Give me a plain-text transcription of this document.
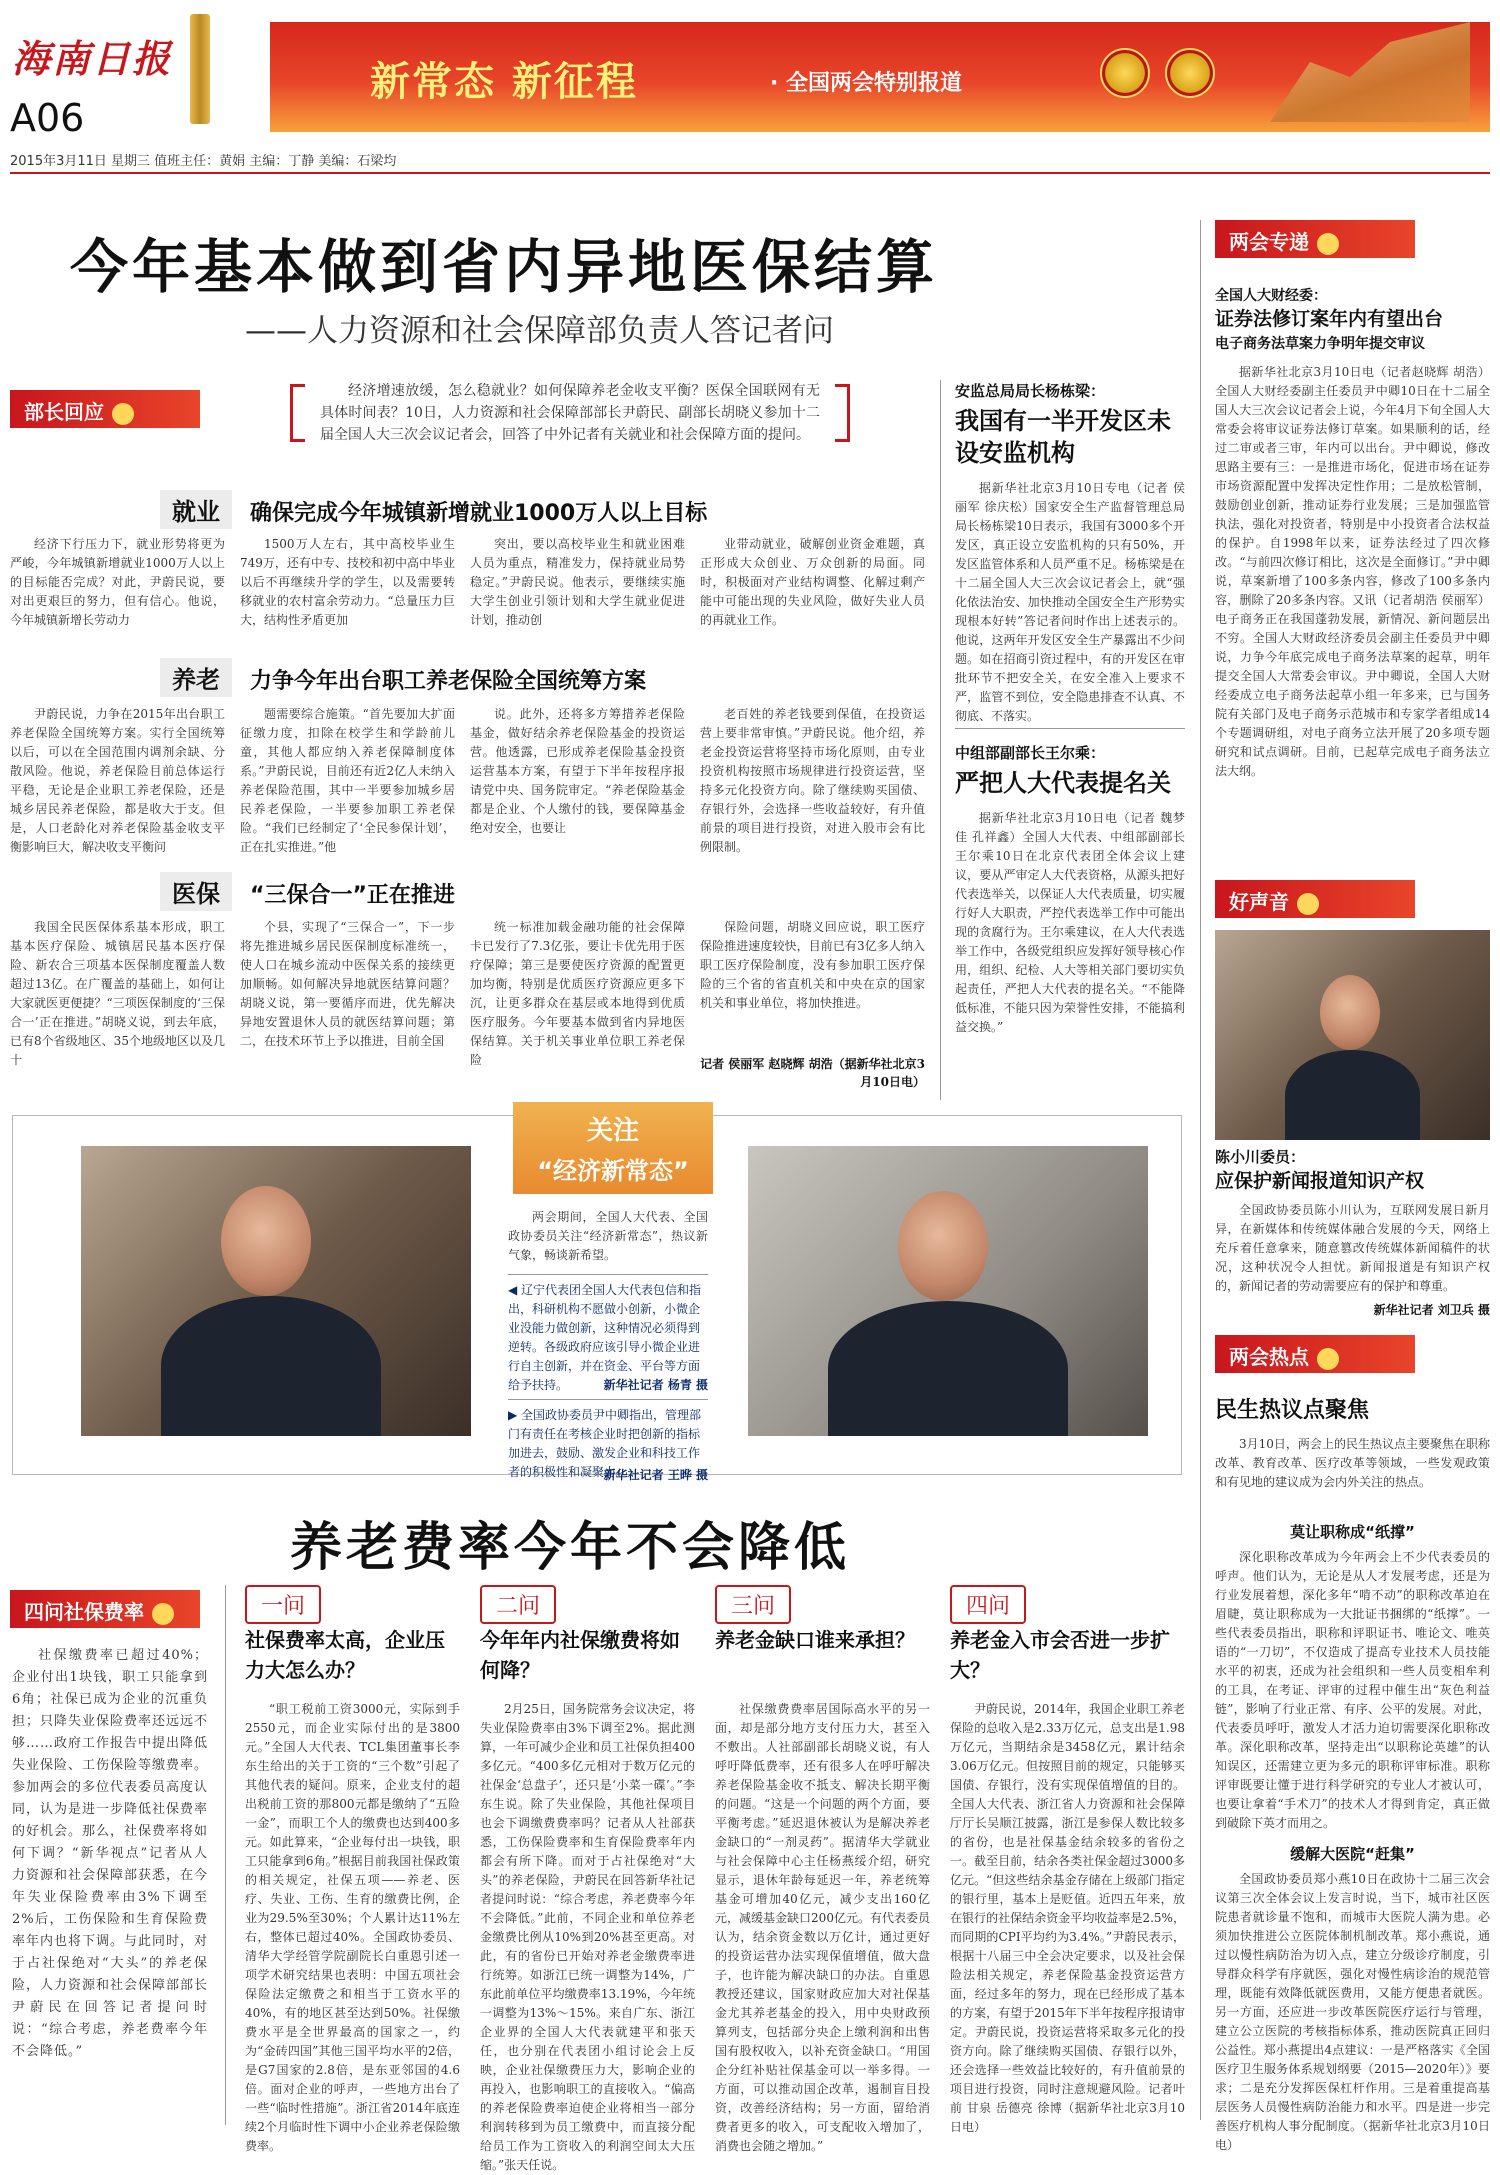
海南日报
新常态 新征程	· 全国两会特别报道
A06
2015年3月11日 星期三 值班主任：黄娟 主编：丁静 美编：石梁均
今年基本做到省内异地医保结算
——人力资源和社会保障部负责人答记者问
部长回应
经济增速放缓，怎么稳就业？如何保障养老金收支平衡？医保全国联网有无具体时间表？10日，人力资源和社会保障部部长尹蔚民、副部长胡晓义参加十二届全国人大三次会议记者会，回答了中外记者有关就业和社会保障方面的提问。
就业 确保完成今年城镇新增就业1000万人以上目标
经济下行压力下，就业形势将更为严峻，今年城镇新增就业1000万人以上的目标能否完成？对此，尹蔚民说，要对出更艰巨的努力，但有信心。他说，今年城镇新增长劳动力
1500万人左右，其中高校毕业生749万，还有中专、技校和初中高中毕业以后不再继续升学的学生，以及需要转移就业的农村富余劳动力。“总量压力巨大，结构性矛盾更加
突出，要以高校毕业生和就业困难人员为重点，精准发力，保持就业局势稳定。”尹蔚民说。他表示，要继续实施大学生创业引领计划和大学生就业促进计划，推动创
业带动就业，破解创业资金难题，真正形成大众创业、万众创新的局面。同时，积极面对产业结构调整、化解过剩产能中可能出现的失业风险，做好失业人员的再就业工作。
养老 力争今年出台职工养老保险全国统筹方案
尹蔚民说，力争在2015年出台职工养老保险全国统筹方案。实行全国统筹以后，可以在全国范围内调剂余缺、分散风险。他说，养老保险目前总体运行平稳，无论是企业职工养老保险，还是城乡居民养老保险，都是收大于支。但是，人口老龄化对养老保险基金收支平衡影响巨大，解决收支平衡问
题需要综合施策。“首先要加大扩面征缴力度，扣除在校学生和学龄前儿童，其他人都应纳入养老保障制度体系。”尹蔚民说，目前还有近2亿人未纳入养老保险范围，其中一半要参加城乡居民养老保险，一半要参加职工养老保险。“我们已经制定了‘全民参保计划’，正在扎实推进。”他
说。此外，还将多方筹措养老保险基金，做好结余养老保险基金的投资运营。他透露，已形成养老保险基金投资运营基本方案，有望于下半年按程序报请党中央、国务院审定。“养老保险基金都是企业、个人缴付的钱，要保障基金绝对安全，也要让
老百姓的养老钱要到保值，在投资运营上要非常审慎。”尹蔚民说。他介绍，养老金投资运营将坚持市场化原则，由专业投资机构按照市场规律进行投资运营，坚持多元化投资方向。除了继续购买国债、存银行外，会选择一些收益较好，有升值前景的项目进行投资，对进入股市会有比例限制。
医保 “三保合一”正在推进
我国全民医保体系基本形成，职工基本医疗保险、城镇居民基本医疗保险、新农合三项基本医保制度覆盖人数超过13亿。在广覆盖的基础上，如何让大家就医更便捷？“三项医保制度的‘三保合一’正在推进。”胡晓义说，到去年底，已有8个省级地区、35个地级地区以及几十
个县，实现了“三保合一”，下一步将先推进城乡居民医保制度标准统一，使人口在城乡流动中医保关系的接续更加顺畅。如何解决异地就医结算问题？胡晓义说，第一要循序而进，优先解决异地安置退休人员的就医结算问题；第二，在技术环节上予以推进，目前全国
统一标准加载金融功能的社会保障卡已发行了7.3亿张，要让卡优先用于医疗保障；第三是要使医疗资源的配置更加均衡，特别是优质医疗资源应更多下沉，让更多群众在基层或本地得到优质医疗服务。今年要基本做到省内异地医保结算。关于机关事业单位职工养老保险
保险问题，胡晓义回应说，职工医疗保险推进速度较快，目前已有3亿多人纳入职工医疗保险制度，没有参加职工医疗保险的三个省的省直机关和中央在京的国家机关和事业单位，将加快推进。
记者 侯丽军 赵晓辉 胡浩（据新华社北京3月10日电）
安监总局局长杨栋梁：
我国有一半开发区未设安监机构
据新华社北京3月10日专电（记者 侯丽军 徐庆松）国家安全生产监督管理总局局长杨栋梁10日表示，我国有3000多个开发区，真正设立安监机构的只有50%，开发区监管体系和人员严重不足。杨栋梁是在十二届全国人大三次会议记者会上，就“强化依法治安、加快推动全国安全生产形势实现根本好转”答记者问时作出上述表示的。他说，这两年开发区安全生产暴露出不少问题。如在招商引资过程中，有的开发区在审批环节不把安全关，在安全准入上要求不严，监管不到位，安全隐患排查不认真、不彻底、不落实。
中组部副部长王尔乘：
严把人大代表提名关
据新华社北京3月10日电（记者 魏梦佳 孔祥鑫）全国人大代表、中组部副部长王尔乘10日在北京代表团全体会议上建议，要从严审定人大代表资格，从源头把好代表选举关，以保证人大代表质量，切实履行好人大职责，严控代表选举工作中可能出现的贪腐行为。王尔乘建议，在人大代表选举工作中，各级党组织应发挥好领导核心作用，组织、纪检、人大等相关部门要切实负起责任，严把人大代表的提名关。“不能降低标准，不能只因为荣誉性安排，不能搞利益交换。”
两会专递
全国人大财经委：
证券法修订案年内有望出台
电子商务法草案力争明年提交审议
据新华社北京3月10日电（记者赵晓辉 胡浩）全国人大财经委副主任委员尹中卿10日在十二届全国人大三次会议记者会上说，今年4月下旬全国人大常委会将审议证券法修订草案。如果顺利的话，经过二审或者三审，年内可以出台。尹中卿说，修改思路主要有三：一是推进市场化，促进市场在证券市场资源配置中发挥决定性作用；二是放松管制，鼓励创业创新，推动证券行业发展；三是加强监管执法，强化对投资者，特别是中小投资者合法权益的保护。自1998年以来，证券法经过了四次修改。“与前四次修订相比，这次是全面修订。”尹中卿说，草案新增了100多条内容，修改了100多条内容，删除了20多条内容。又讯（记者胡浩 侯丽军）电子商务正在我国蓬勃发展，新情况、新问题层出不穷。全国人大财政经济委员会副主任委员尹中卿说，力争今年底完成电子商务法草案的起草，明年提交全国人大常委会审议。尹中卿说，全国人大财经委成立电子商务法起草小组一年多来，已与国务院有关部门及电子商务示范城市和专家学者组成14个专题调研组，对电子商务立法开展了20多项专题研究和试点调研。目前，已起草完成电子商务法立法大纲。
好声音
陈小川委员：
应保护新闻报道知识产权
全国政协委员陈小川认为，互联网发展日新月异，在新媒体和传统媒体融合发展的今天，网络上充斥着任意拿来，随意篡改传统媒体新闻稿件的状况，这种状况令人担忧。新闻报道是有知识产权的，新闻记者的劳动需要应有的保护和尊重。
新华社记者 刘卫兵 摄
两会热点
民生热议点聚焦
3月10日，两会上的民生热议点主要聚焦在职称改革、教育改革、医疗改革等领域，一些发观政策和有见地的建议成为会内外关注的热点。
莫让职称成“纸撑”
深化职称改革成为今年两会上不少代表委员的呼声。他们认为，无论是从人才发展考虑，还是为行业发展着想，深化多年“啃不动”的职称改革迫在眉睫，莫让职称成为一大批证书捆绑的“纸撑”。一些代表委员指出，职称和评职证书、唯论文、唯英语的“一刀切”，不仅造成了提高专业技术人员技能水平的初衷，还成为社会组织和一些人员变相牟利的工具，在考证、评审的过程中催生出“灰色利益链”，影响了行业正常、有序、公平的发展。对此，代表委员呼吁，激发人才活力迫切需要深化职称改革。深化职称改革，坚持走出“以职称论英雄”的认知误区，还需建立更为多元的职称评审标准。职称评审既要让懂于进行科学研究的专业人才被认可，也要让拿着“手术刀”的技术人才得到肯定，真正做到破除下英才而用之。
缓解大医院“赶集”
全国政协委员郑小燕10日在政协十二届三次会议第三次全体会议上发言时说，当下，城市社区医院患者就诊量不饱和，而城市大医院人满为患。必须加快推进公立医院体制机制改革。郑小燕说，通过以慢性病防治为切入点，建立分级诊疗制度，引导群众科学有序就医，强化对慢性病诊治的规范管理，既能有效降低就医费用，又能方便患者就医。另一方面，还应进一步改革医院医疗运行与管理，建立公立医院的考核指标体系，推动医院真正回归公益性。郑小燕提出4点建议：一是严格落实《全国医疗卫生服务体系规划纲要（2015—2020年）》要求；二是充分发挥医保杠杆作用。三是着重提高基层医务人员慢性病防治能力和水平。四是进一步完善医疗机构人事分配制度。（据新华社北京3月10日电）
关注
“经济新常态”
两会期间，全国人大代表、全国政协委员关注“经济新常态”，热议新气象，畅谈新希望。
◀ 辽宁代表团全国人大代表包信和指出，科研机构不愿做小创新，小微企业没能力做创新，这种情况必须得到逆转。各级政府应该引导小微企业进行自主创新，并在资金、平台等方面给予扶持。	新华社记者 杨青 摄
▶ 全国政协委员尹中卿指出，管理部门有责任在考核企业时把创新的指标加进去，鼓励、激发企业和科技工作者的积极性和凝聚力。
新华社记者 王晔 摄
养老费率今年不会降低
四问社保费率
社保缴费率已超过40%；企业付出1块钱，职工只能拿到6角；社保已成为企业的沉重负担；只降失业保险费率还远远不够……政府工作报告中提出降低失业保险、工伤保险等缴费率。参加两会的多位代表委员高度认同，认为是进一步降低社保费率的好机会。那么，社保费率将如何下调？“新华视点”记者从人力资源和社会保障部获悉，在今年失业保险费率由3%下调至2%后，工伤保险和生育保险费率年内也将下调。与此同时，对于占社保绝对“大头”的养老保险，人力资源和社会保障部部长尹蔚民在回答记者提问时说：“综合考虑，养老费率今年不会降低。”
一问
社保费率太高，企业压力大怎么办？
“职工税前工资3000元，实际到手2550元，而企业实际付出的是3800元。”全国人大代表、TCL集团董事长李东生给出的关于工资的“三个数”引起了其他代表的疑问。原来，企业支付的超出税前工资的那800元都是缴纳了“五险一金”，而职工个人的缴费也达到400多元。如此算来，“企业每付出一块钱，职工只能拿到6角。”根据目前我国社保政策的相关规定，社保五项——养老、医疗、失业、工伤、生育的缴费比例，企业为29.5%至30%；个人累计达11%左右，整体已超过40%。全国政协委员、清华大学经管学院副院长白重恩引述一项学术研究结果也表明：中国五项社会保险法定缴费之和相当于工资水平的40%，有的地区甚至达到50%。社保缴费水平是全世界最高的国家之一，约为“金砖四国”其他三国平均水平的2倍，是G7国家的2.8倍，是东亚邻国的4.6倍。面对企业的呼声，一些地方出台了一些“临时性措施”。浙江省2014年底连续2个月临时性下调中小企业养老保险缴费率。
二问
今年年内社保缴费将如何降？
2月25日，国务院常务会议决定，将失业保险费率由3%下调至2%。据此测算，一年可减少企业和员工社保负担400多亿元。“400多亿元相对于数万亿元的社保金‘总盘子’，还只是‘小菜一碟’。”李东生说。除了失业保险，其他社保项目也会下调缴费费率吗？记者从人社部获悉，工伤保险费率和生育保险费率年内都会有所下降。而对于占社保绝对“大头”的养老保险，尹蔚民在回答新华社记者提问时说：“综合考虑，养老费率今年不会降低。”此前，不同企业和单位养老金缴费比例从10%到20%甚至更高。对此，有的省份已开始对养老金缴费率进行统筹。如浙江已统一调整为14%，广东此前单位平均缴费率13.19%，今年统一调整为13%～15%。来自广东、浙江企业界的全国人大代表就建平和张天任，也分别在代表团小组讨论会上反映，企业社保缴费压力大，影响企业的再投入，也影响职工的直接收入。“偏高的养老保险费率迫使企业将相当一部分利润转移到为员工缴费中，而直接分配给员工作为工资收入的利润空间太大压缩。”张天任说。
三问
养老金缺口谁来承担？
社保缴费费率居国际高水平的另一面，却是部分地方支付压力大，甚至入不敷出。人社部副部长胡晓义说，有人呼吁降低费率，还有很多人在呼吁解决养老保险基金收不抵支、解决长期平衡的问题。“这是一个问题的两个方面，要平衡考虑。”延迟退休被认为是解决养老金缺口的“一剂灵药”。据清华大学就业与社会保障中心主任杨燕绥介绍，研究显示，退休年龄每延迟一年，养老统筹基金可增加40亿元，减少支出160亿元，减缓基金缺口200亿元。有代表委员认为，结余资金数以万亿计，通过更好的投资运营办法实现保值增值，做大盘子，也许能为解决缺口的办法。自重恩教授还建议，国家财政应加大对社保基金尤其养老基金的投入，用中央财政预算列支，包括部分央企上缴利润和出售国有股权收入，以补充资金缺口。“用国企分红补贴社保基金可以一举多得。一方面，可以推动国企改革，遏制盲目投资，改善经济结构；另一方面，留给消费者更多的收入，可支配收入增加了，消费也会随之增加。”
四问
养老金入市会否进一步扩大？
尹蔚民说，2014年，我国企业职工养老保险的总收入是2.33万亿元，总支出是1.98万亿元，当期结余是3458亿元，累计结余3.06万亿元。但按照目前的规定，只能够买国债、存银行，没有实现保值增值的目的。全国人大代表、浙江省人力资源和社会保障厅厅长吴顺江披露，浙江是参保人数比较多的省份，也是社保基金结余较多的省份之一。截至目前，结余各类社保金超过3000多亿元。“但这些结余基金存储在上级部门指定的银行里，基本上是贬值。近四五年来，放在银行的社保结余资金平均收益率是2.5%，而同期的CPI平均约为3.4%。”尹蔚民表示，根据十八届三中全会决定要求，以及社会保险法相关规定，养老保险基金投资运营方面，经过多年的努力，现在已经形成了基本的方案，有望于2015年下半年按程序报请审定。尹蔚民说，投资运营将采取多元化的投资方向。除了继续购买国债、存银行以外，还会选择一些效益比较好的，有升值前景的项目进行投资，同时注意规避风险。记者叶前 甘泉 岳德亮 徐博（据新华社北京3月10日电）
